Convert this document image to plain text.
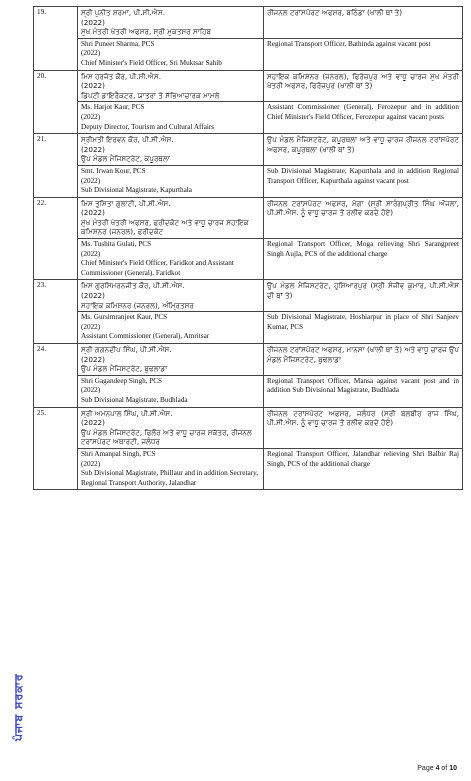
19.	ਸ੍ਰੀ ਪੁਨੀਤ ਸ਼ਰਮਾ, ਪੀ.ਸੀ.ਐਸ.
(2022)
ਮੁੱਖ ਮੰਤਰੀ ਖੇਤਰੀ ਅਫਸਰ, ਸ੍ਰੀ ਮੁਕਤਸਰ ਸਾਹਿਬ	ਰੀਜਨਲ ਟਰਾਂਸਪੋਰਟ ਅਫਸਰ, ਬਠਿੰਡਾ (ਖਾਲੀ ਥਾਂ ਤੇ)

	Shri Puneet Sharma, PCS
(2022)
Chief Minister's Field Officer, Sri Muktsar Sahib	Regional Transport Officer, Bathinda against vacant post
20.	ਮਿਸ ਹਰਜੋਤ ਕੌਰ, ਪੀ.ਸੀ.ਐਸ.
(2022)
ਡਿਪਟੀ ਡਾਇਰੈਕਟਰ, ਯਾਤਰਾ ਤੇ ਸੱਭਿਆਚਾਰਕ ਮਾਮਲੇ	ਸਹਾਇਕ ਕਮਿਸ਼ਨਰ (ਜਨਰਲ), ਫਿਰੋਜ਼ਪੁਰ ਅਤੇ ਵਾਧੂ ਚਾਰਜ ਮੁੱਖ ਮੰਤਰੀ ਖੇਤਰੀ ਅਫਸਰ, ਫਿਰੋਜ਼ਪੁਰ (ਖਾਲੀ ਥਾਂ ਤੇ)

	Ms. Harjot Kaur, PCS
(2022)
Deputy Director, Tourism and Cultural Affairs	Assistant Commissioner (General), Ferozepur and in addition Chief Minister's Field Officer, Ferozepur against vacant posts
21.	ਸ੍ਰੀਮਤੀ ਇਰਵਨ ਕੌਰ, ਪੀ.ਸੀ.ਐਸ.
(2022)
ਉਪ ਮੰਡਲ ਮੈਜਿਸਟਰੇਟ, ਕਪੂਰਥਲਾ	ਉਪ ਮੰਡਲ ਮੈਜਿਸਟਰੇਟ, ਕਪੂਰਥਲਾ ਅਤੇ ਵਾਧੂ ਚਾਰਜ ਰੀਜਨਲ ਟਰਾਂਸਪੋਰਟ ਅਫਸਰ, ਕਪੂਰਥਲਾ (ਖਾਲੀ ਥਾਂ ਤੇ)

	Smt. Irwan Kour, PCS
(2022)
Sub Divisional Magistrate, Kapurthala	Sub Divisional Magistrate, Kapurthala and in addition Regional Transport Officer, Kapurthala against vacant post
22.	ਮਿਸ ਤੁਸ਼ਿਤਾ ਗੁਲਾਟੀ, ਪੀ.ਸੀ.ਐਸ.
(2022)
ਮੁੱਖ ਮੰਤਰੀ ਖੇਤਰੀ ਅਫਸਰ, ਫਰੀਦਕੋਟ ਅਤੇ ਵਾਧੂ ਚਾਰਜ ਸਹਾਇਕ ਕਮਿਸ਼ਨਰ (ਜਨਰਲ), ਫਰੀਦਕੋਟ	ਰੀਜਨਲ ਟਰਾਂਸਪੋਰਟ ਅਫਸਰ, ਮੋਗਾ (ਸ੍ਰੀ ਸਾਰੰਗਪ੍ਰੀਤ ਸਿੰਘ ਔਜਲਾ, ਪੀ.ਸੀ.ਐਸ. ਨੂੰ ਵਾਧੂ ਚਾਰਜ ਤੋਂ ਰਲੀਵ ਕਰਦੇ ਹੋਏ)

	Ms. Tushita Gulati, PCS
(2022)
Chief Minister's Field Officer, Faridkot and Assistant Commissioner (General), Faridkot	Regional Transport Officer, Moga relieving Shri Sarangpreet Singh Aujla, PCS of the additional charge
23.	ਮਿਸ ਗੁਰਸਿਮਰਨਜੀਤ ਕੌਰ, ਪੀ.ਸੀ.ਐਸ.
(2022)
ਸਹਾਇਕ ਕਮਿਸ਼ਨਰ (ਜਨਰਲ), ਅੰਮ੍ਰਿਤਸਰ	ਉਪ ਮੰਡਲ ਮੈਜਿਸਟਰੇਟ, ਹੁਸ਼ਿਆਰਪੁਰ (ਸ੍ਰੀ ਸੰਜੀਵ ਕੁਮਾਰ, ਪੀ.ਸੀ.ਐਸ ਦੀ ਥਾਂ ਤੇ)

	Ms. Gursimranjeet Kaur, PCS
(2022)
Assistant Commissioner (General), Amritsar	Sub Divisional Magistrate, Hoshiarpur in place of Shri Sanjeev Kumar, PCS
24.	ਸ੍ਰੀ ਗਗਨਦੀਪ ਸਿੰਘ, ਪੀ.ਸੀ.ਐਸ.
(2022)
ਉਪ ਮੰਡਲ ਮੈਜਿਸਟਰੇਟ, ਬੁਢਲਾਡਾ	ਰੀਜਨਲ ਟਰਾਂਸਪੋਰਟ ਅਫਸਰ, ਮਾਨਸਾ (ਖਾਲੀ ਥਾਂ ਤੇ) ਅਤੇ ਵਾਧੂ ਚਾਰਜ ਉਪ ਮੰਡਲ ਮੈਜਿਸਟਰੇਟ, ਬੁਢਲਾਡਾ

	Shri Gagandeep Singh, PCS
(2022)
Sub Divisional Magistrate, Budhlada	Regional Transport Officer, Mansa against vacant post and in addition Sub Divisional Magistrate, Budhlada
25.	ਸ੍ਰੀ ਅਮਨਪਾਲ ਸਿੰਘ, ਪੀ.ਸੀ.ਐਸ.
(2022)
ਉਪ ਮੰਡਲ ਮੈਜਿਸਟਰੇਟ, ਫਿਲੌਰ ਅਤੇ ਵਾਧੂ ਚਾਰਜ ਸਕੱਤਰ, ਰੀਜਨਲ ਟਰਾਂਸਪੋਰਟ ਅਥਾਰਟੀ, ਜਲੰਧਰ	ਰੀਜਨਲ ਟਰਾਂਸਪੋਰਟ ਅਫਸਰ, ਜਲੰਧਰ (ਸ੍ਰੀ ਬਲਬੀਰ ਰਾਜ ਸਿੰਘ, ਪੀ.ਸੀ.ਐਸ. ਨੂੰ ਵਾਧੂ ਚਾਰਜ ਤੋਂ ਰਲੀਵ ਕਰਦੇ ਹੋਏ)

	Shri Amanpal Singh, PCS
(2022)
Sub Divisional Magistrate, Phillaur and in addition Secretary, Regional Transport Authority, Jalandhar	Regional Transport Officer, Jalandhar relieving Shri Balbir Raj Singh, PCS of the additional charge
ਪੰਜਾਬ ਸਰਕਾਰ
Page 4 of 10
